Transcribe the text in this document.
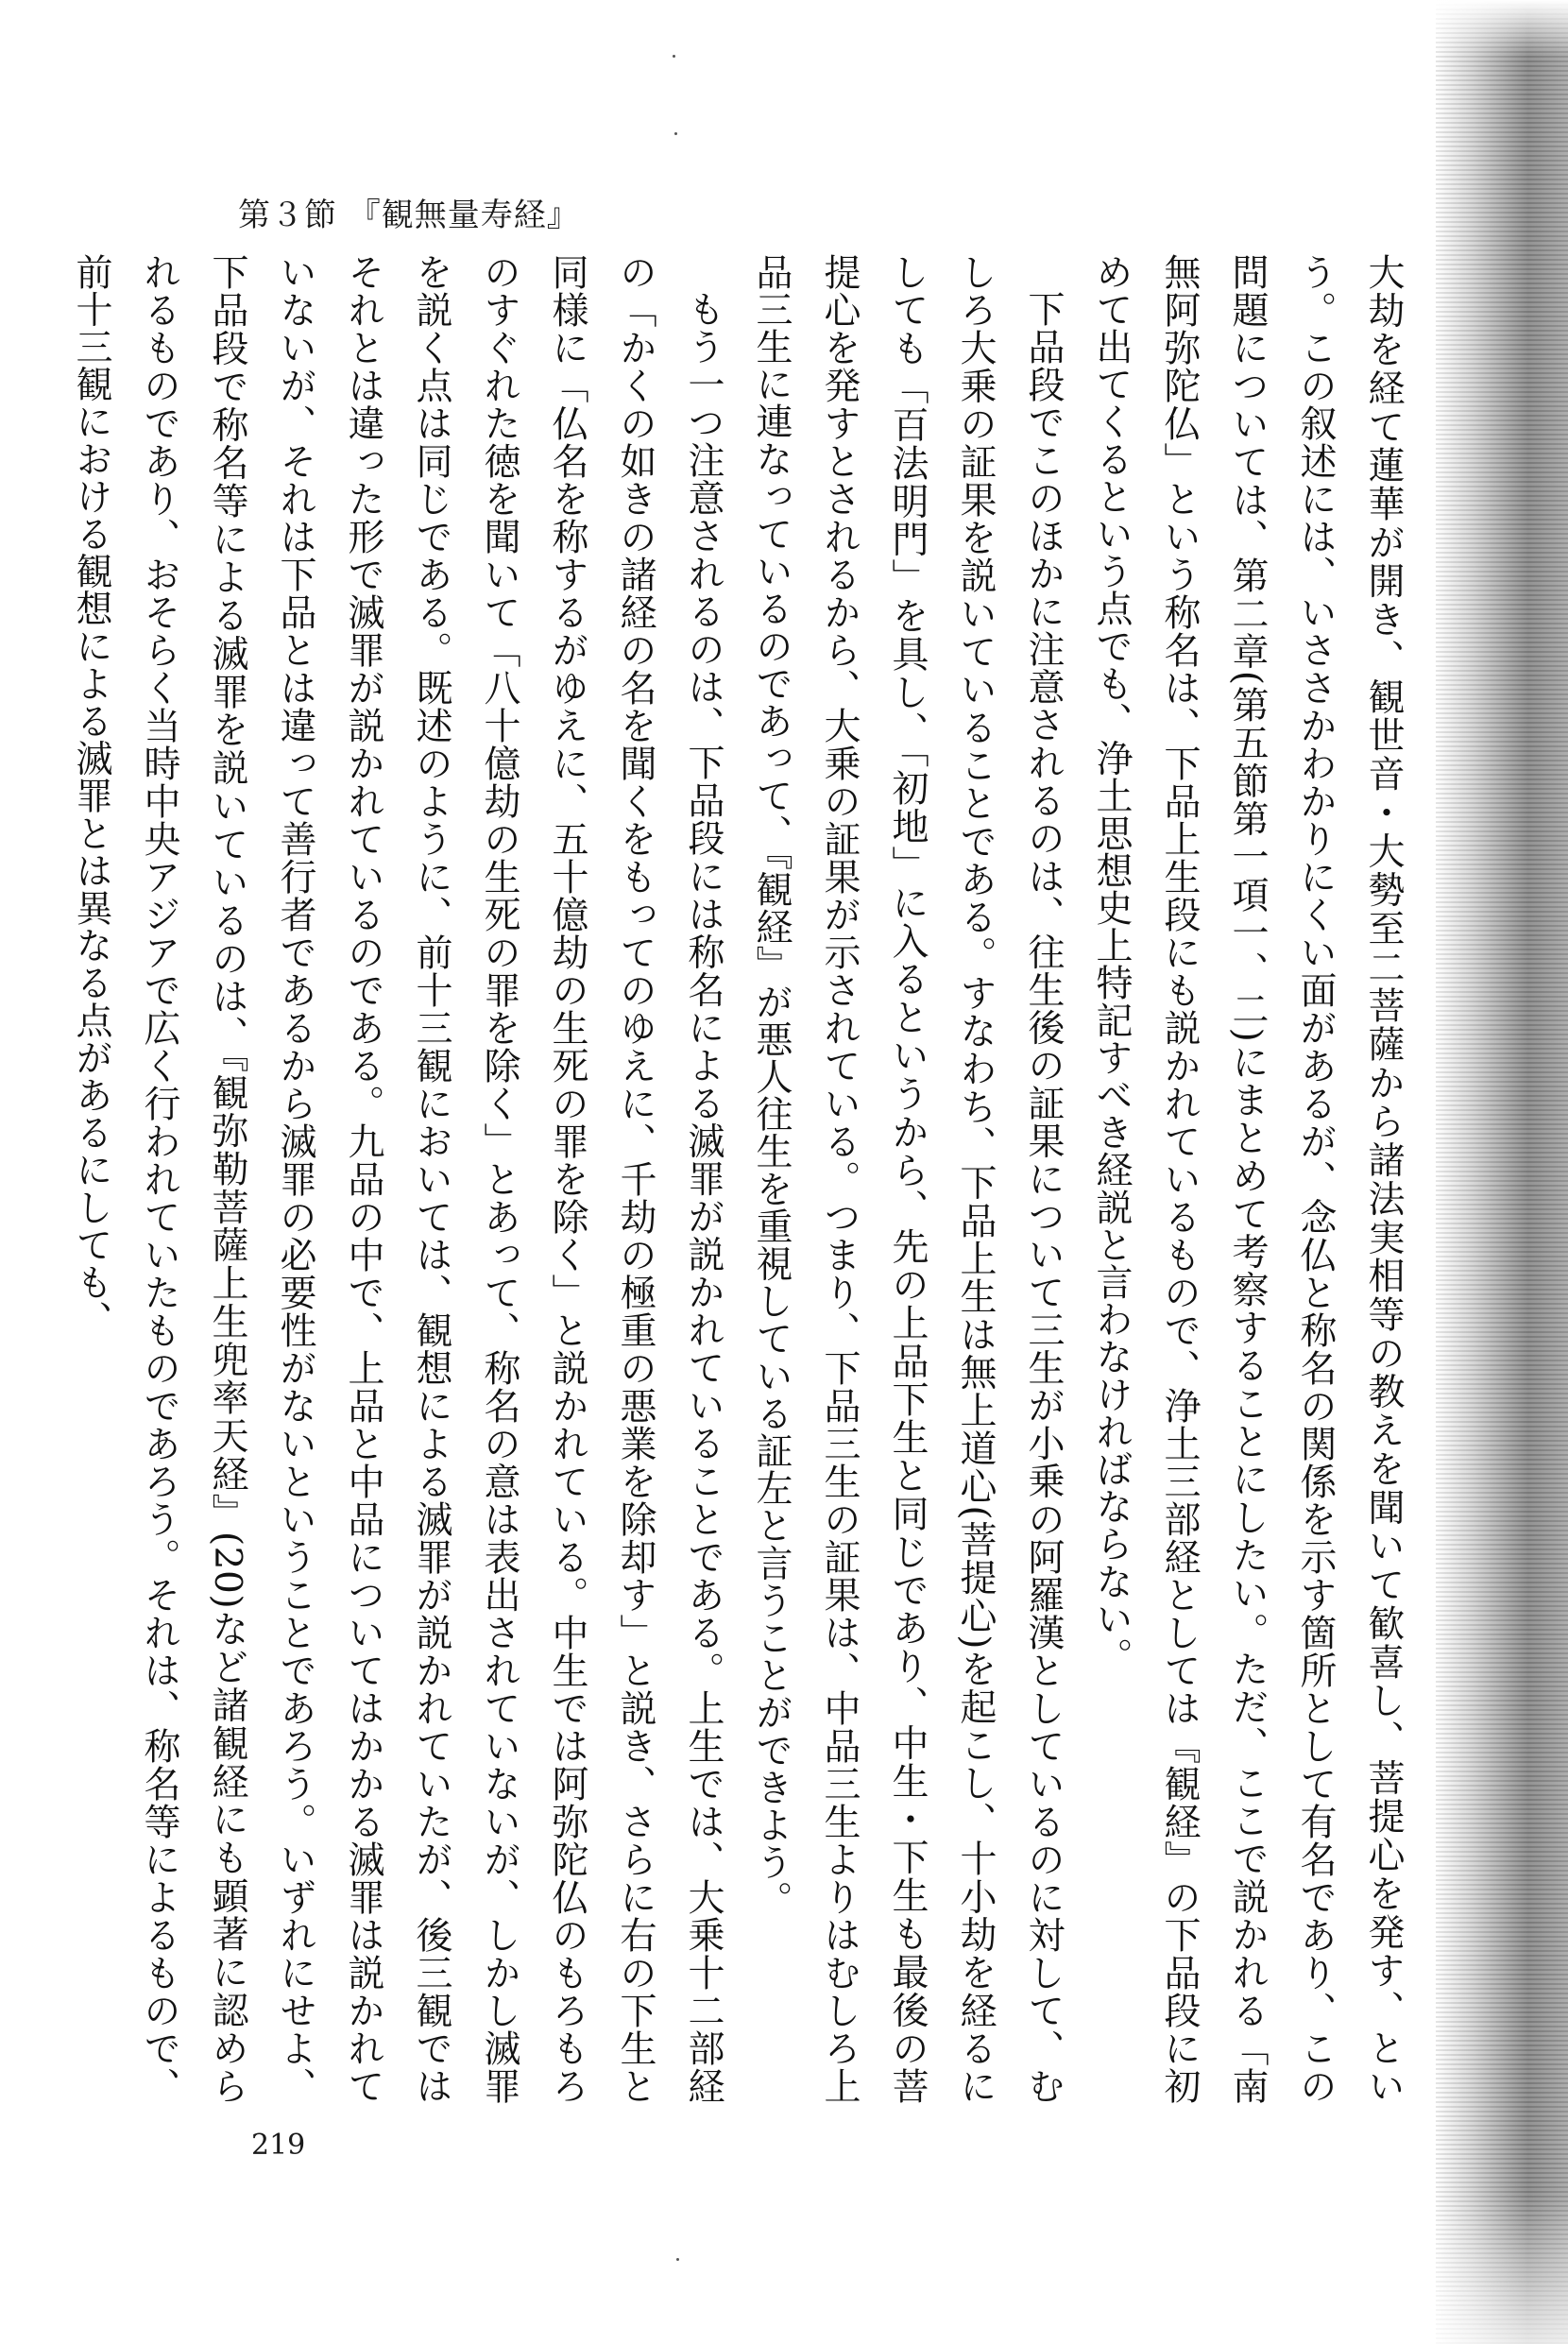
第３節 『観無量寿経』

大劫を経て蓮華が開き、観世音・大勢至二菩薩から諸法実相等の教えを聞いて歓喜し、菩提心を発す、という。この叙述には、いささかわかりにくい面があるが、念仏と称名の関係を示す箇所として有名であり、この問題については、第二章(第五節第一項一、二)にまとめて考察することにしたい。ただ、ここで説かれる「南無阿弥陀仏」という称名は、下品上生段にも説かれているもので、浄土三部経としては『観経』の下品段に初めて出てくるという点でも、浄土思想史上特記すべき経説と言わなければならない。

下品段でこのほかに注意されるのは、往生後の証果について三生が小乗の阿羅漢としているのに対して、むしろ大乗の証果を説いていることである。すなわち、下品上生は無上道心(菩提心)を起こし、十小劫を経るにしても「百法明門」を具し、「初地」に入るというから、先の上品下生と同じであり、中生・下生も最後の菩提心を発すとされるから、大乗の証果が示されている。つまり、下品三生の証果は、中品三生よりはむしろ上品三生に連なっているのであって、『観経』が悪人往生を重視している証左と言うことができよう。

もう一つ注意されるのは、下品段には称名による滅罪が説かれていることである。上生では、大乗十二部経の「かくの如きの諸経の名を聞くをもってのゆえに、千劫の極重の悪業を除却す」と説き、さらに右の下生と同様に「仏名を称するがゆえに、五十億劫の生死の罪を除く」と説かれている。中生では阿弥陀仏のもろもろのすぐれた徳を聞いて「八十億劫の生死の罪を除く」とあって、称名の意は表出されていないが、しかし滅罪を説く点は同じである。既述のように、前十三観においては、観想による滅罪が説かれていたが、後三観ではそれとは違った形で滅罪が説かれているのである。九品の中で、上品と中品についてはかかる滅罪は説かれていないが、それは下品とは違って善行者であるから滅罪の必要性がないということであろう。いずれにせよ、下品段で称名等による滅罪を説いているのは、『観弥勒菩薩上生兜率天経』(20)など諸観経にも顕著に認められるものであり、おそらく当時中央アジアで広く行われていたものであろう。それは、称名等によるもので、前十三観における観想による滅罪とは異なる点があるにしても、

219
